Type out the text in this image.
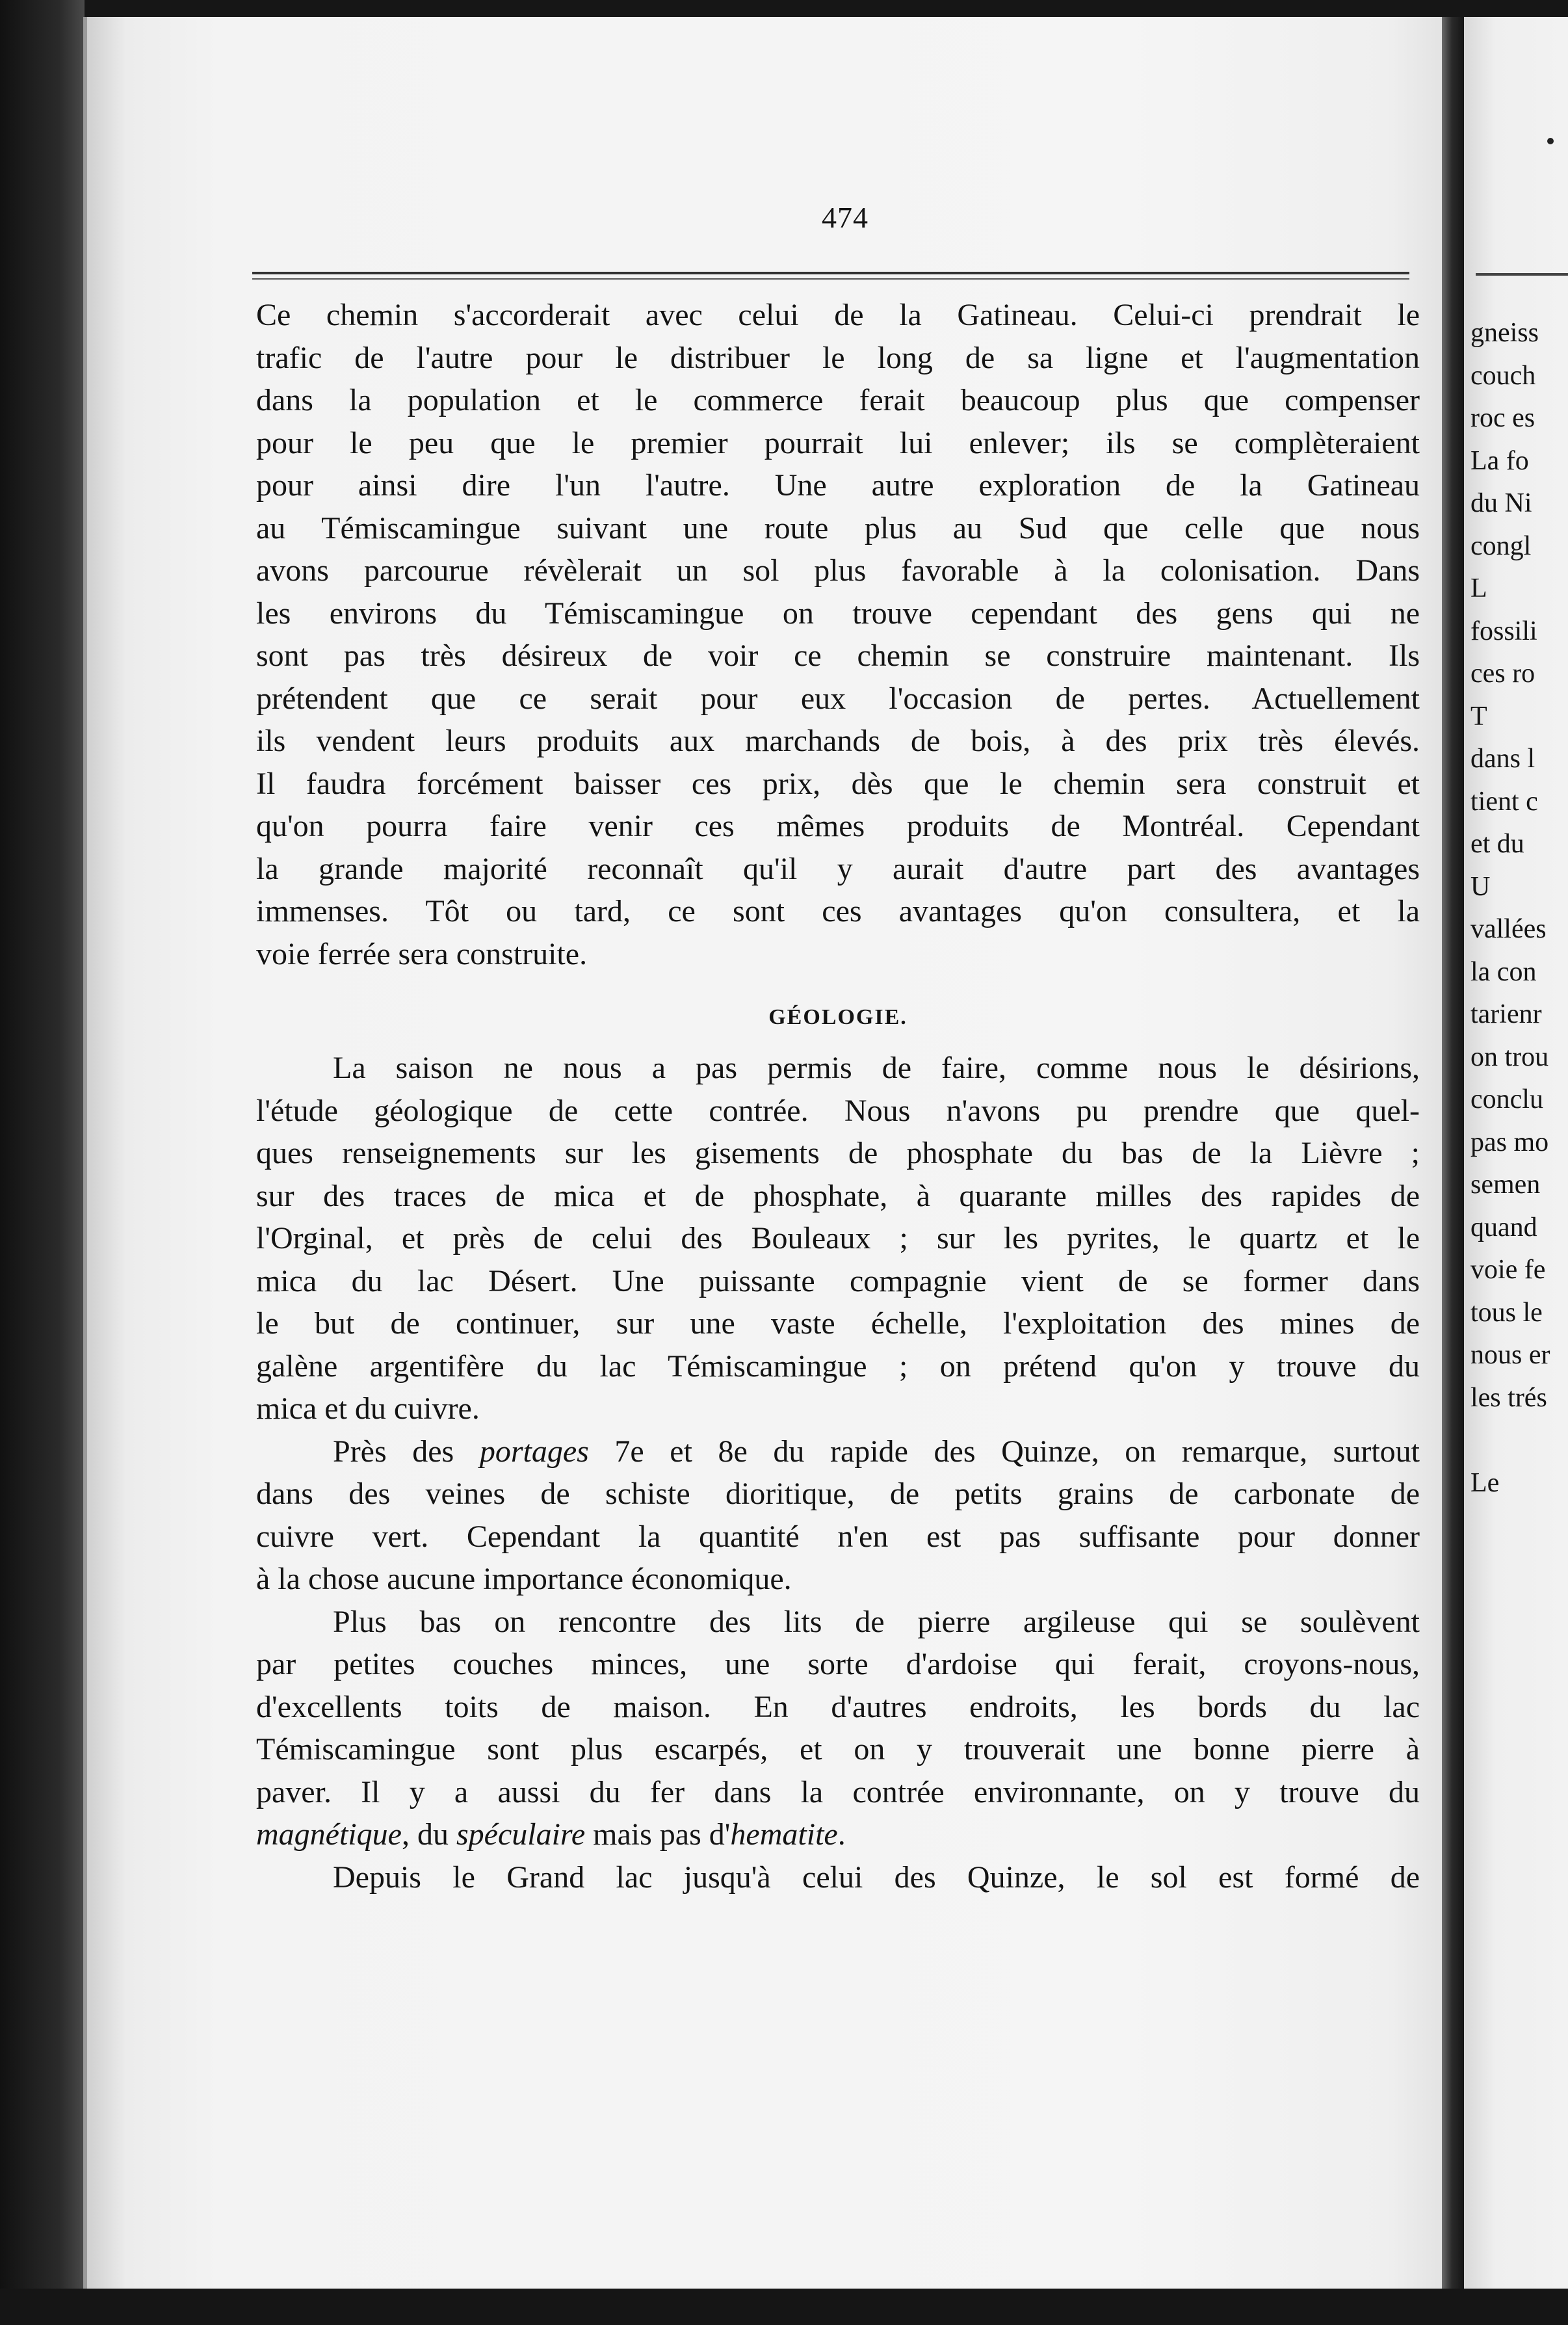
474
Ce chemin s'accorderait avec celui de la Gatineau. Celui-ci prendrait le
trafic de l'autre pour le distribuer le long de sa ligne et l'augmentation
dans la population et le commerce ferait beaucoup plus que compenser
pour le peu que le premier pourrait lui enlever; ils se complèteraient
pour ainsi dire l'un l'autre. Une autre exploration de la Gatineau
au Témiscamingue suivant une route plus au Sud que celle que nous
avons parcourue révèlerait un sol plus favorable à la colonisation. Dans
les environs du Témiscamingue on trouve cependant des gens qui ne
sont pas très désireux de voir ce chemin se construire maintenant. Ils
prétendent que ce serait pour eux l'occasion de pertes. Actuellement
ils vendent leurs produits aux marchands de bois, à des prix très élevés.
Il faudra forcément baisser ces prix, dès que le chemin sera construit et
qu'on pourra faire venir ces mêmes produits de Montréal. Cependant
la grande majorité reconnaît qu'il y aurait d'autre part des avantages
immenses. Tôt ou tard, ce sont ces avantages qu'on consultera, et la
voie ferrée sera construite.
GÉOLOGIE.
La saison ne nous a pas permis de faire, comme nous le désirions,
l'étude géologique de cette contrée. Nous n'avons pu prendre que quel-
ques renseignements sur les gisements de phosphate du bas de la Lièvre ;
sur des traces de mica et de phosphate, à quarante milles des rapides de
l'Orginal, et près de celui des Bouleaux ; sur les pyrites, le quartz et le
mica du lac Désert. Une puissante compagnie vient de se former dans
le but de continuer, sur une vaste échelle, l'exploitation des mines de
galène argentifère du lac Témiscamingue ; on prétend qu'on y trouve du
mica et du cuivre.
Près des portages 7e et 8e du rapide des Quinze, on remarque, surtout
dans des veines de schiste dioritique, de petits grains de carbonate de
cuivre vert. Cependant la quantité n'en est pas suffisante pour donner
à la chose aucune importance économique.
Plus bas on rencontre des lits de pierre argileuse qui se soulèvent
par petites couches minces, une sorte d'ardoise qui ferait, croyons-nous,
d'excellents toits de maison. En d'autres endroits, les bords du lac
Témiscamingue sont plus escarpés, et on y trouverait une bonne pierre à
paver. Il y a aussi du fer dans la contrée environnante, on y trouve du
magnétique, du spéculaire mais pas d'hematite.
Depuis le Grand lac jusqu'à celui des Quinze, le sol est formé de
gneiss
couch
roc es
La fo
du Ni
congl
L
fossili
ces ro
T
dans l
tient c
et du
U
vallées
la con
tarienr
on trou
conclu
pas mo
semen
quand
voie fe
tous le
nous er
les trés
Le
